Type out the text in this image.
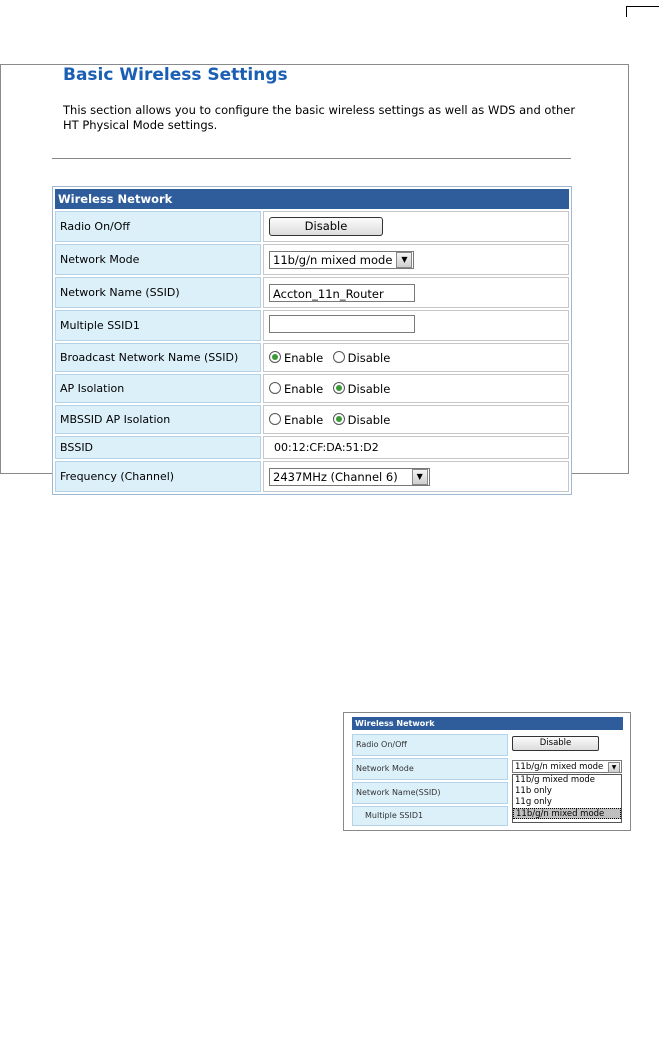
Basic Wireless Settings
This section allows you to configure the basic wireless settings as well as WDS and other HT Physical Mode settings.
Wireless Network	
Radio On/Off	Disable
Network Mode	11b/g/n mixed mode ▼

Network Name (SSID)	Accton_11n_Router
Multiple SSID1	
Broadcast Network Name (SSID)	Enable Disable
AP Isolation	Enable Disable
MBSSID AP Isolation	Enable Disable
BSSID	00:12:CF:DA:51:D2
Frequency (Channel)	2437MHz (Channel 6) ▼
Wireless Network
Radio On/Off	Disable
Network Mode	11b/g/n mixed mode	▼
Network Name(SSID)
Multiple SSID1
11b/g mixed mode
11b only
11g only
11b/g/n mixed mode
